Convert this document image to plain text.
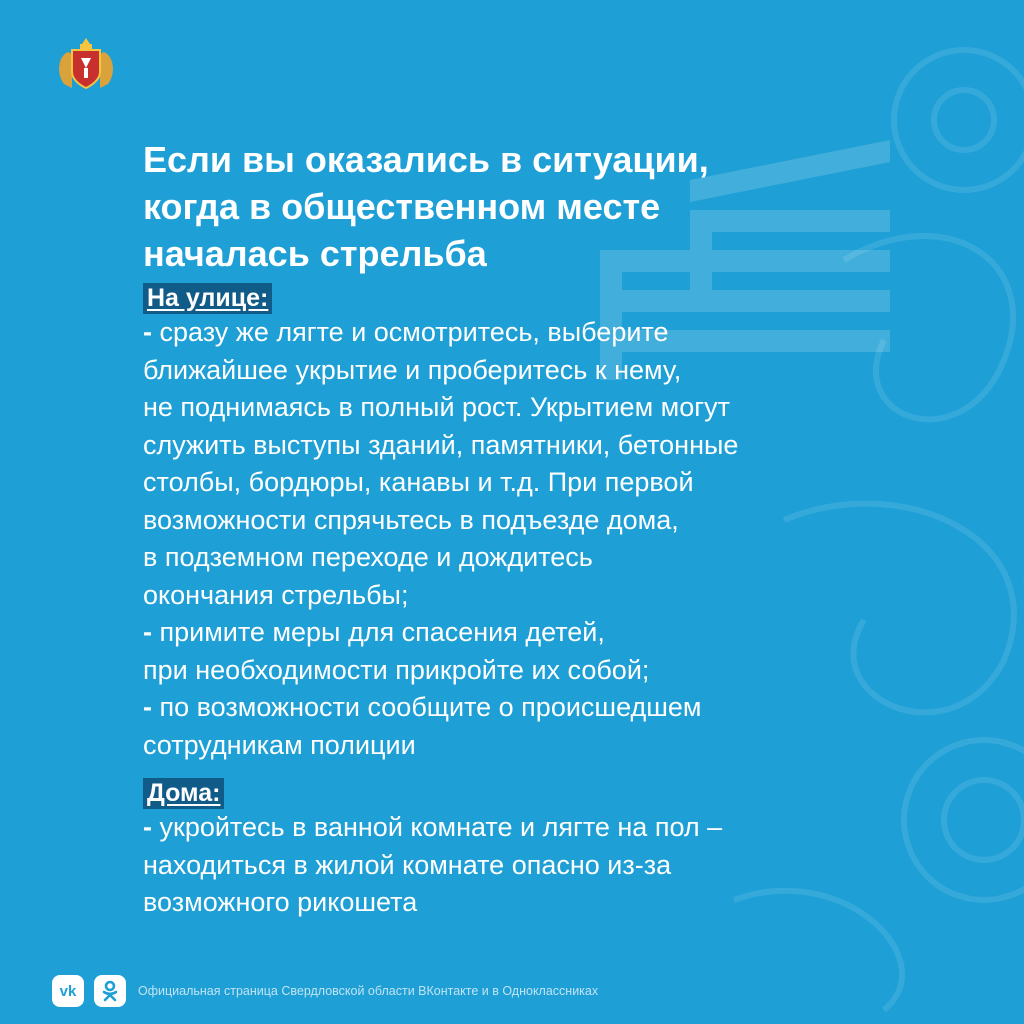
Если вы оказались в ситуации,
когда в общественном месте
началась стрельба
На улице:

- сразу же лягте и осмотритесь, выберите
ближайшее укрытие и проберитесь к нему,
не поднимаясь в полный рост. Укрытием могут
служить выступы зданий, памятники, бетонные
столбы, бордюры, канавы и т.д. При первой
возможности спрячьтесь в подъезде дома,
в подземном переходе и дождитесь
окончания стрельбы;

- примите меры для спасения детей,
при необходимости прикройте их собой;

- по возможности сообщите о происшедшем
сотрудникам полиции

Дома:

- укройтесь в ванной комнате и лягте на пол –
находиться в жилой комнате опасно из-за
возможного рикошета

vk	Официальная страница Свердловской области ВКонтакте и в Одноклассниках
